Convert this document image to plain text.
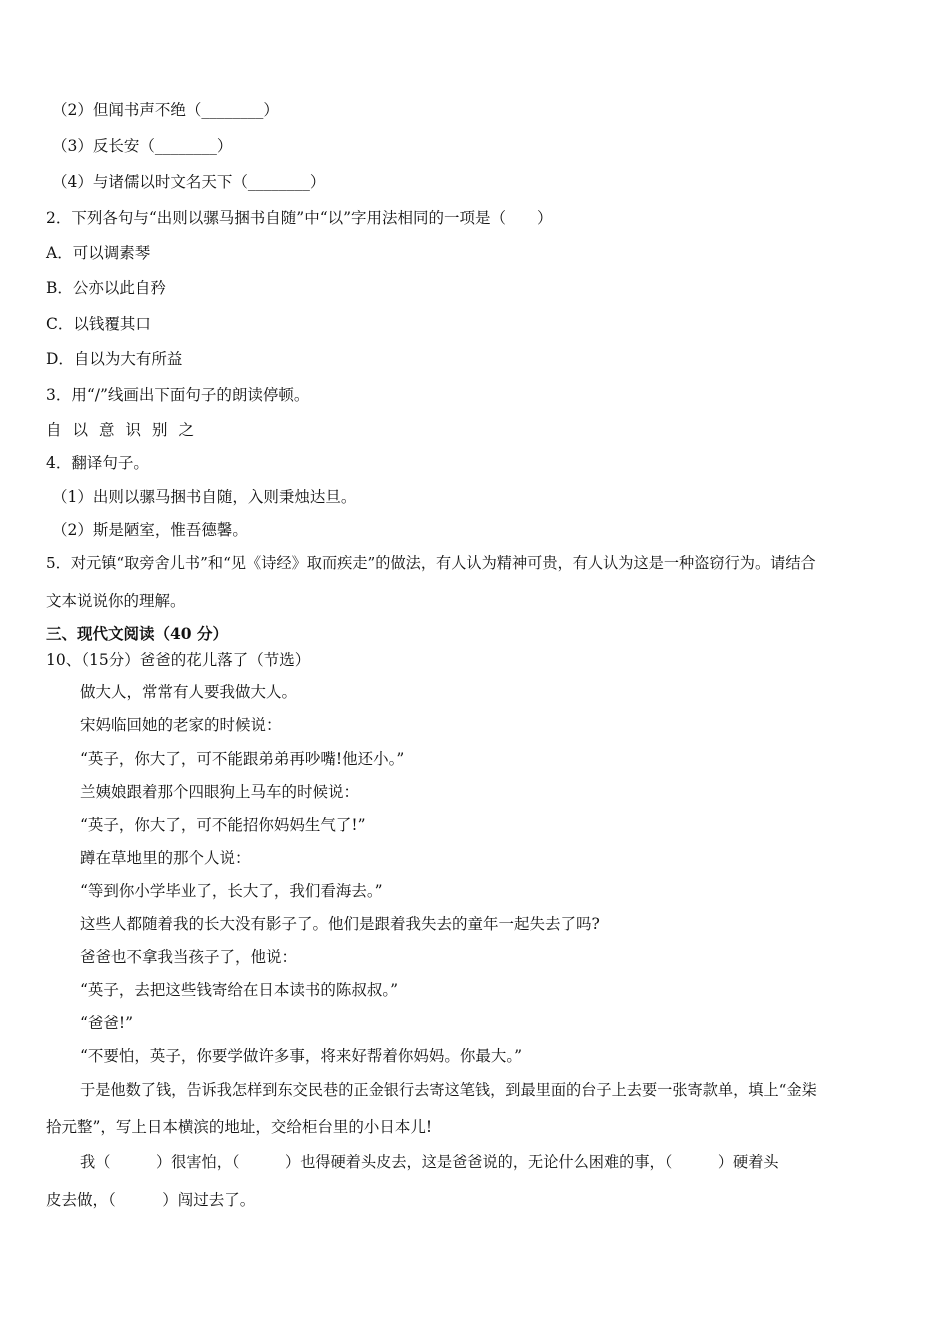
（2）但闻书声不绝（________）
（3）反长安（________）
（4）与诸儒以时文名天下（________）
2．下列各句与“出则以骡马捆书自随”中“以”字用法相同的一项是（　　）
A．可以调素琴
B．公亦以此自矜
C．以钱覆其口
D．自以为大有所益
3．用“/”线画出下面句子的朗读停顿。
自以意识别之
4．翻译句子。
（1）出则以骡马捆书自随，入则秉烛达旦。
（2）斯是陋室，惟吾德馨。
5．对元镇“取旁舍儿书”和“见《诗经》取而疾走”的做法，有人认为精神可贵，有人认为这是一种盗窃行为。请结合
文本说说你的理解。
三、现代文阅读（40 分）
10、（15分）爸爸的花儿落了（节选）
做大人，常常有人要我做大人。
宋妈临回她的老家的时候说：
“英子，你大了，可不能跟弟弟再吵嘴!他还小。”
兰姨娘跟着那个四眼狗上马车的时候说：
“英子，你大了，可不能招你妈妈生气了!”
蹲在草地里的那个人说：
“等到你小学毕业了，长大了，我们看海去。”
这些人都随着我的长大没有影子了。他们是跟着我失去的童年一起失去了吗?
爸爸也不拿我当孩子了，他说：
“英子，去把这些钱寄给在日本读书的陈叔叔。”
“爸爸!”
“不要怕，英子，你要学做许多事，将来好帮着你妈妈。你最大。”
于是他数了钱，告诉我怎样到东交民巷的正金银行去寄这笔钱，到最里面的台子上去要一张寄款单，填上“金柒
拾元整”，写上日本横滨的地址，交给柜台里的小日本儿!
我（　　　）很害怕，（　　　）也得硬着头皮去，这是爸爸说的，无论什么困难的事，（　　　）硬着头
皮去做，（　　　）闯过去了。
